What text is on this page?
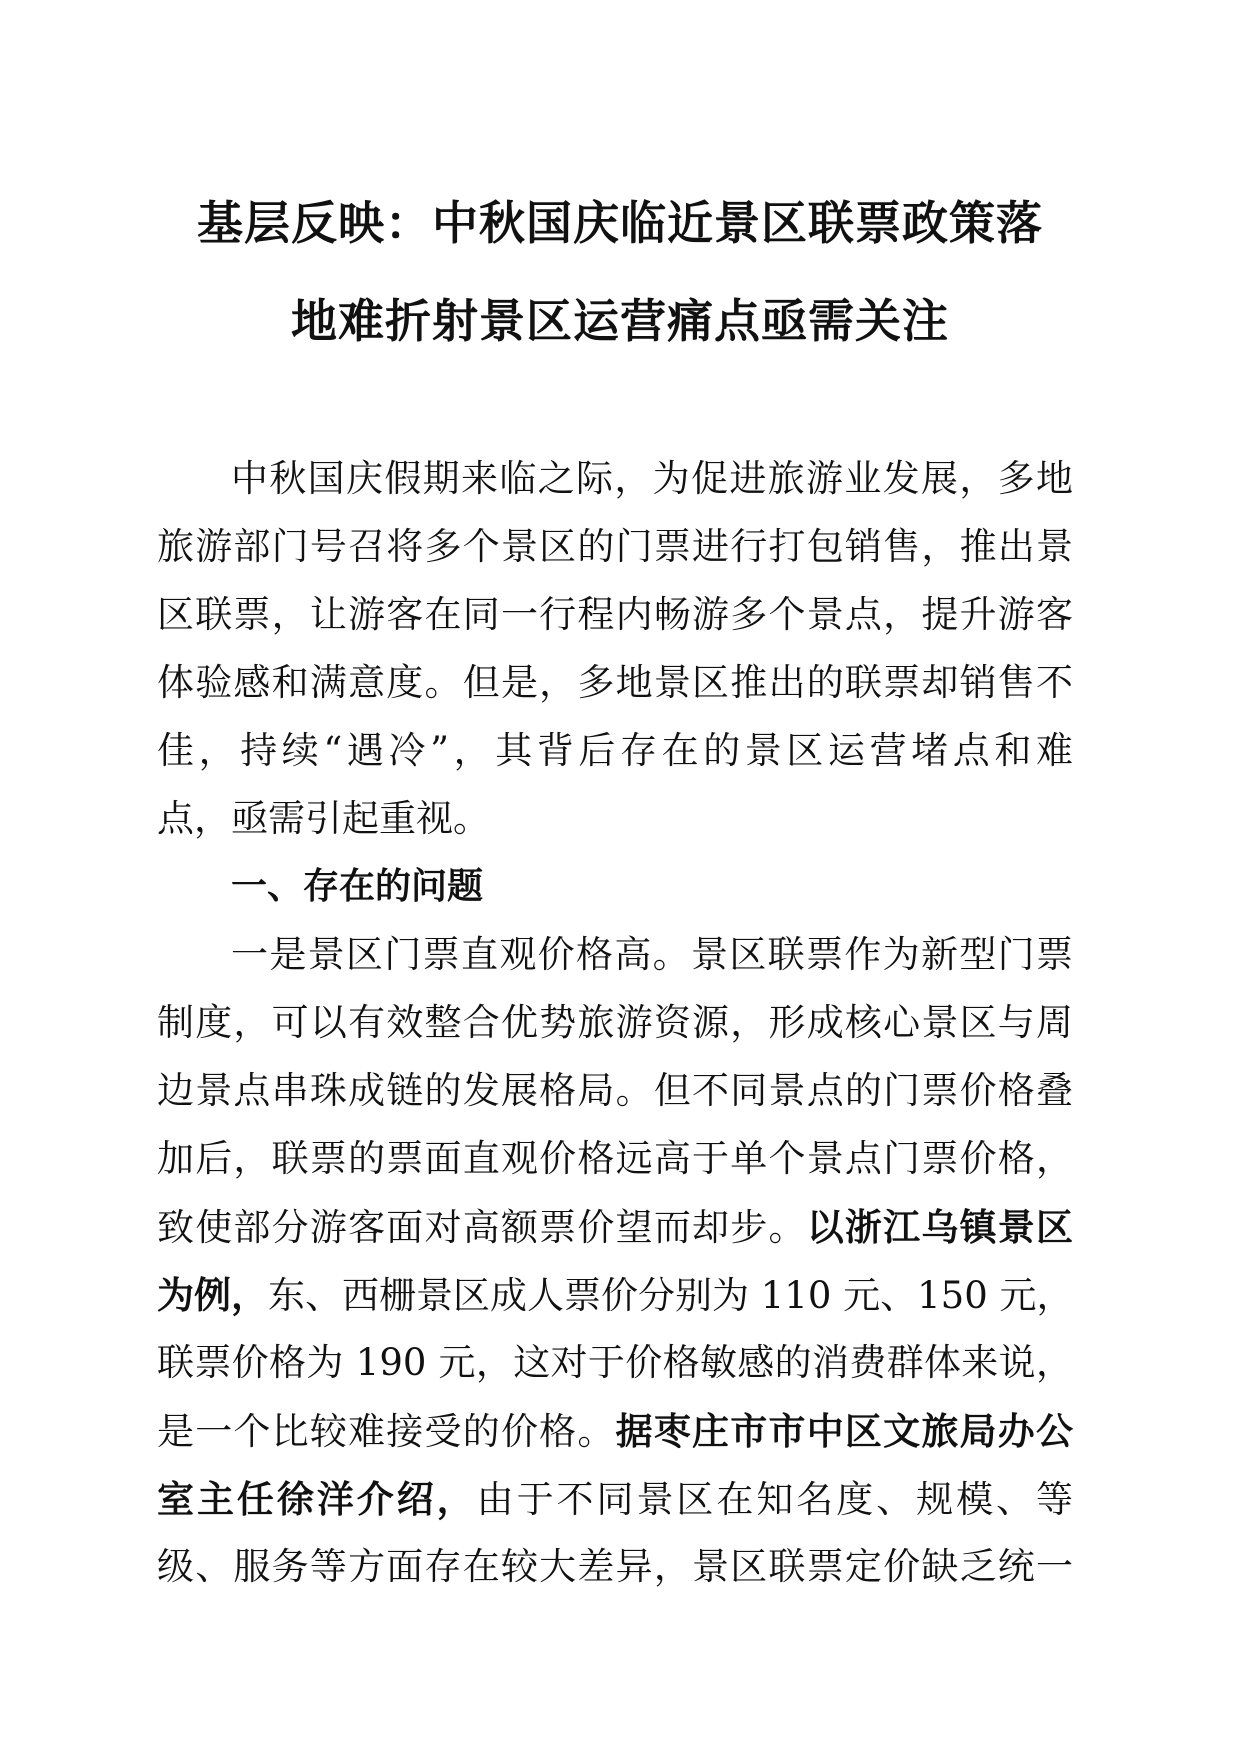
基层反映：中秋国庆临近景区联票政策落
地难折射景区运营痛点亟需关注
中秋国庆假期来临之际，为促进旅游业发展，多地
旅游部门号召将多个景区的门票进行打包销售，推出景
区联票，让游客在同一行程内畅游多个景点，提升游客
体验感和满意度。但是，多地景区推出的联票却销售不
佳，持续“遇冷”，其背后存在的景区运营堵点和难
点，亟需引起重视。
一、存在的问题
一是景区门票直观价格高。景区联票作为新型门票
制度，可以有效整合优势旅游资源，形成核心景区与周
边景点串珠成链的发展格局。但不同景点的门票价格叠
加后，联票的票面直观价格远高于单个景点门票价格，
致使部分游客面对高额票价望而却步。以浙江乌镇景区
为例，东、西栅景区成人票价分别为 110 元、150 元，
联票价格为 190 元，这对于价格敏感的消费群体来说，
是一个比较难接受的价格。据枣庄市市中区文旅局办公
室主任徐洋介绍，由于不同景区在知名度、规模、等
级、服务等方面存在较大差异，景区联票定价缺乏统一
